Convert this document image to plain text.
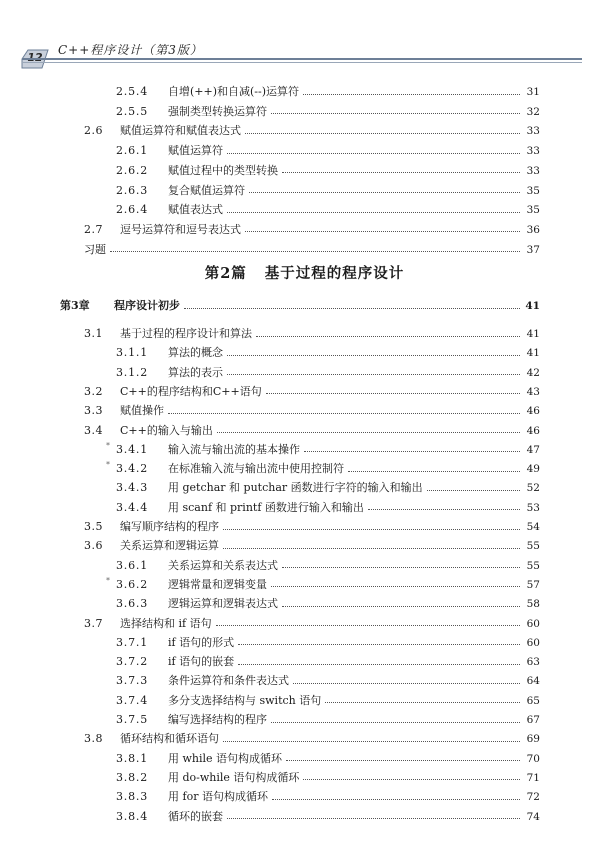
12
C++程序设计（第3版）
2.5.4	自增(++)和自减(--)运算符	31
2.5.5	强制类型转换运算符	32
2.6	赋值运算符和赋值表达式	33
2.6.1	赋值运算符	33
2.6.2	赋值过程中的类型转换	33
2.6.3	复合赋值运算符	35
2.6.4	赋值表达式	35
2.7	逗号运算符和逗号表达式	36
习题	37
第3章	程序设计初步	41
3.1	基于过程的程序设计和算法	41
3.1.1	算法的概念	41
3.1.2	算法的表示	42
3.2	C++的程序结构和C++语句	43
3.3	赋值操作	46
3.4	C++的输入与输出	46
3.4.1	输入流与输出流的基本操作	47
*
3.4.2	在标准输入流与输出流中使用控制符	49
*
3.4.3	用 getchar 和 putchar 函数进行字符的输入和输出	52
3.4.4	用 scanf 和 printf 函数进行输入和输出	53
3.5	编写顺序结构的程序	54
3.6	关系运算和逻辑运算	55
3.6.1	关系运算和关系表达式	55
3.6.2	逻辑常量和逻辑变量	57
*
3.6.3	逻辑运算和逻辑表达式	58
3.7	选择结构和 if 语句	60
3.7.1	if 语句的形式	60
3.7.2	if 语句的嵌套	63
3.7.3	条件运算符和条件表达式	64
3.7.4	多分支选择结构与 switch 语句	65
3.7.5	编写选择结构的程序	67
3.8	循环结构和循环语句	69
3.8.1	用 while 语句构成循环	70
3.8.2	用 do-while 语句构成循环	71
3.8.3	用 for 语句构成循环	72
3.8.4	循环的嵌套	74
第2篇 基于过程的程序设计
